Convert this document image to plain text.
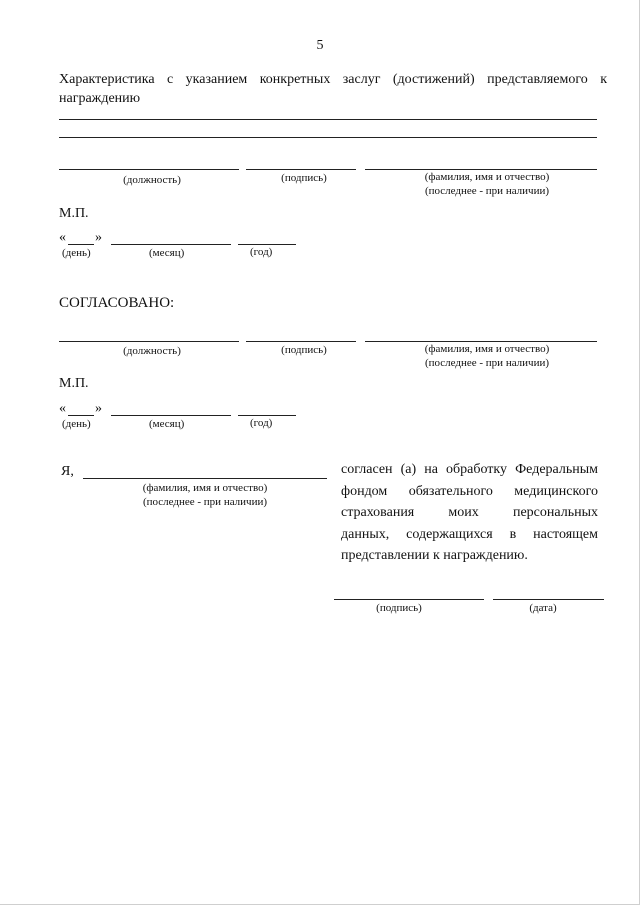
5
Характеристика с указанием конкретных заслуг (достижений) представляемого к
награждению
(должность)	(подпись)	(фамилия, имя и отчество)
(последнее - при наличии)
М.П.
« »
(день)	(месяц)	(год)
СОГЛАСОВАНО:
(должность)	(подпись)	(фамилия, имя и отчество)
(последнее - при наличии)
М.П.
« »
(день)	(месяц)	(год)
Я,
(фамилия, имя и отчество)
(последнее - при наличии)
согласен (а) на обработку Федеральным
фондом обязательного медицинского
страхования моих персональных
данных, содержащихся в настоящем
представлении к награждению.
(подпись)	(дата)
